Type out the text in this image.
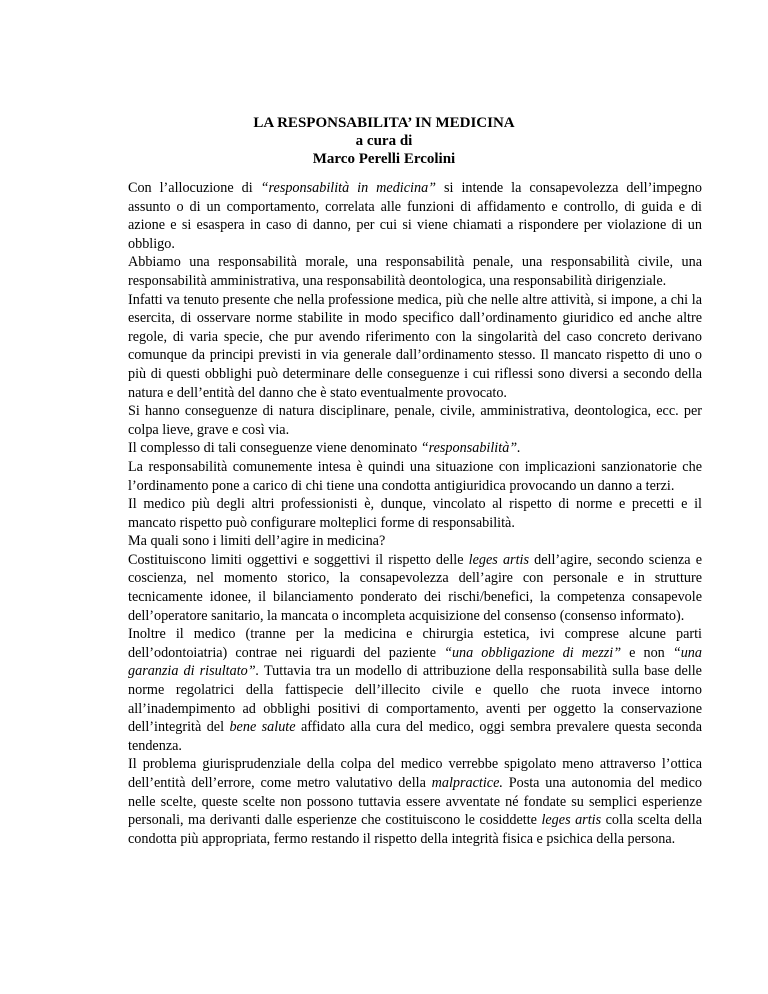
LA RESPONSABILITA’ IN MEDICINA
a cura di
Marco Perelli Ercolini

Con l’allocuzione di “responsabilità in medicina” si intende la consapevolezza dell’impegno assunto o di un comportamento, correlata alle funzioni di affidamento e controllo, di guida e di azione e si esaspera in caso di danno, per cui si viene chiamati a rispondere per violazione di un obbligo.

Abbiamo una responsabilità morale, una responsabilità penale, una responsabilità civile, una responsabilità amministrativa, una responsabilità deontologica, una responsabilità dirigenziale.

Infatti va tenuto presente che nella professione medica, più che nelle altre attività, si impone, a chi la esercita, di osservare norme stabilite in modo specifico dall’ordinamento giuridico ed anche altre regole, di varia specie, che pur avendo riferimento con la singolarità del caso concreto derivano comunque da principi previsti in via generale dall’ordinamento stesso. Il mancato rispetto di uno o più di questi obblighi può determinare delle conseguenze i cui riflessi sono diversi a secondo della natura e dell’entità del danno che è stato eventualmente provocato.

Si hanno conseguenze di natura disciplinare, penale, civile, amministrativa, deontologica, ecc. per colpa lieve, grave e così via.

Il complesso di tali conseguenze viene denominato “responsabilità”.

La responsabilità comunemente intesa è quindi una situazione con implicazioni sanzionatorie che l’ordinamento pone a carico di chi tiene una condotta antigiuridica provocando un danno a terzi.

Il medico più degli altri professionisti è, dunque, vincolato al rispetto di norme e precetti e il mancato rispetto può configurare molteplici forme di responsabilità.

Ma quali sono i limiti dell’agire in medicina?

Costituiscono limiti oggettivi e soggettivi il rispetto delle leges artis dell’agire, secondo scienza e coscienza, nel momento storico, la consapevolezza dell’agire con personale e in strutture tecnicamente idonee, il bilanciamento ponderato dei rischi/benefici, la competenza consapevole dell’operatore sanitario, la mancata o incompleta acquisizione del consenso (consenso informato).

Inoltre il medico (tranne per la medicina e chirurgia estetica, ivi comprese alcune parti dell’odontoiatria) contrae nei riguardi del paziente “una obbligazione di mezzi” e non “una garanzia di risultato”. Tuttavia tra un modello di attribuzione della responsabilità sulla base delle norme regolatrici della fattispecie dell’illecito civile e quello che ruota invece intorno all’inadempimento ad obblighi positivi di comportamento, aventi per oggetto la conservazione dell’integrità del bene salute affidato alla cura del medico, oggi sembra prevalere questa seconda tendenza.

Il problema giurisprudenziale della colpa del medico verrebbe spigolato meno attraverso l’ottica dell’entità dell’errore, come metro valutativo della malpractice. Posta una autonomia del medico nelle scelte, queste scelte non possono tuttavia essere avventate né fondate su semplici esperienze personali, ma derivanti dalle esperienze che costituiscono le cosiddette leges artis colla scelta della condotta più appropriata, fermo restando il rispetto della integrità fisica e psichica della persona.
